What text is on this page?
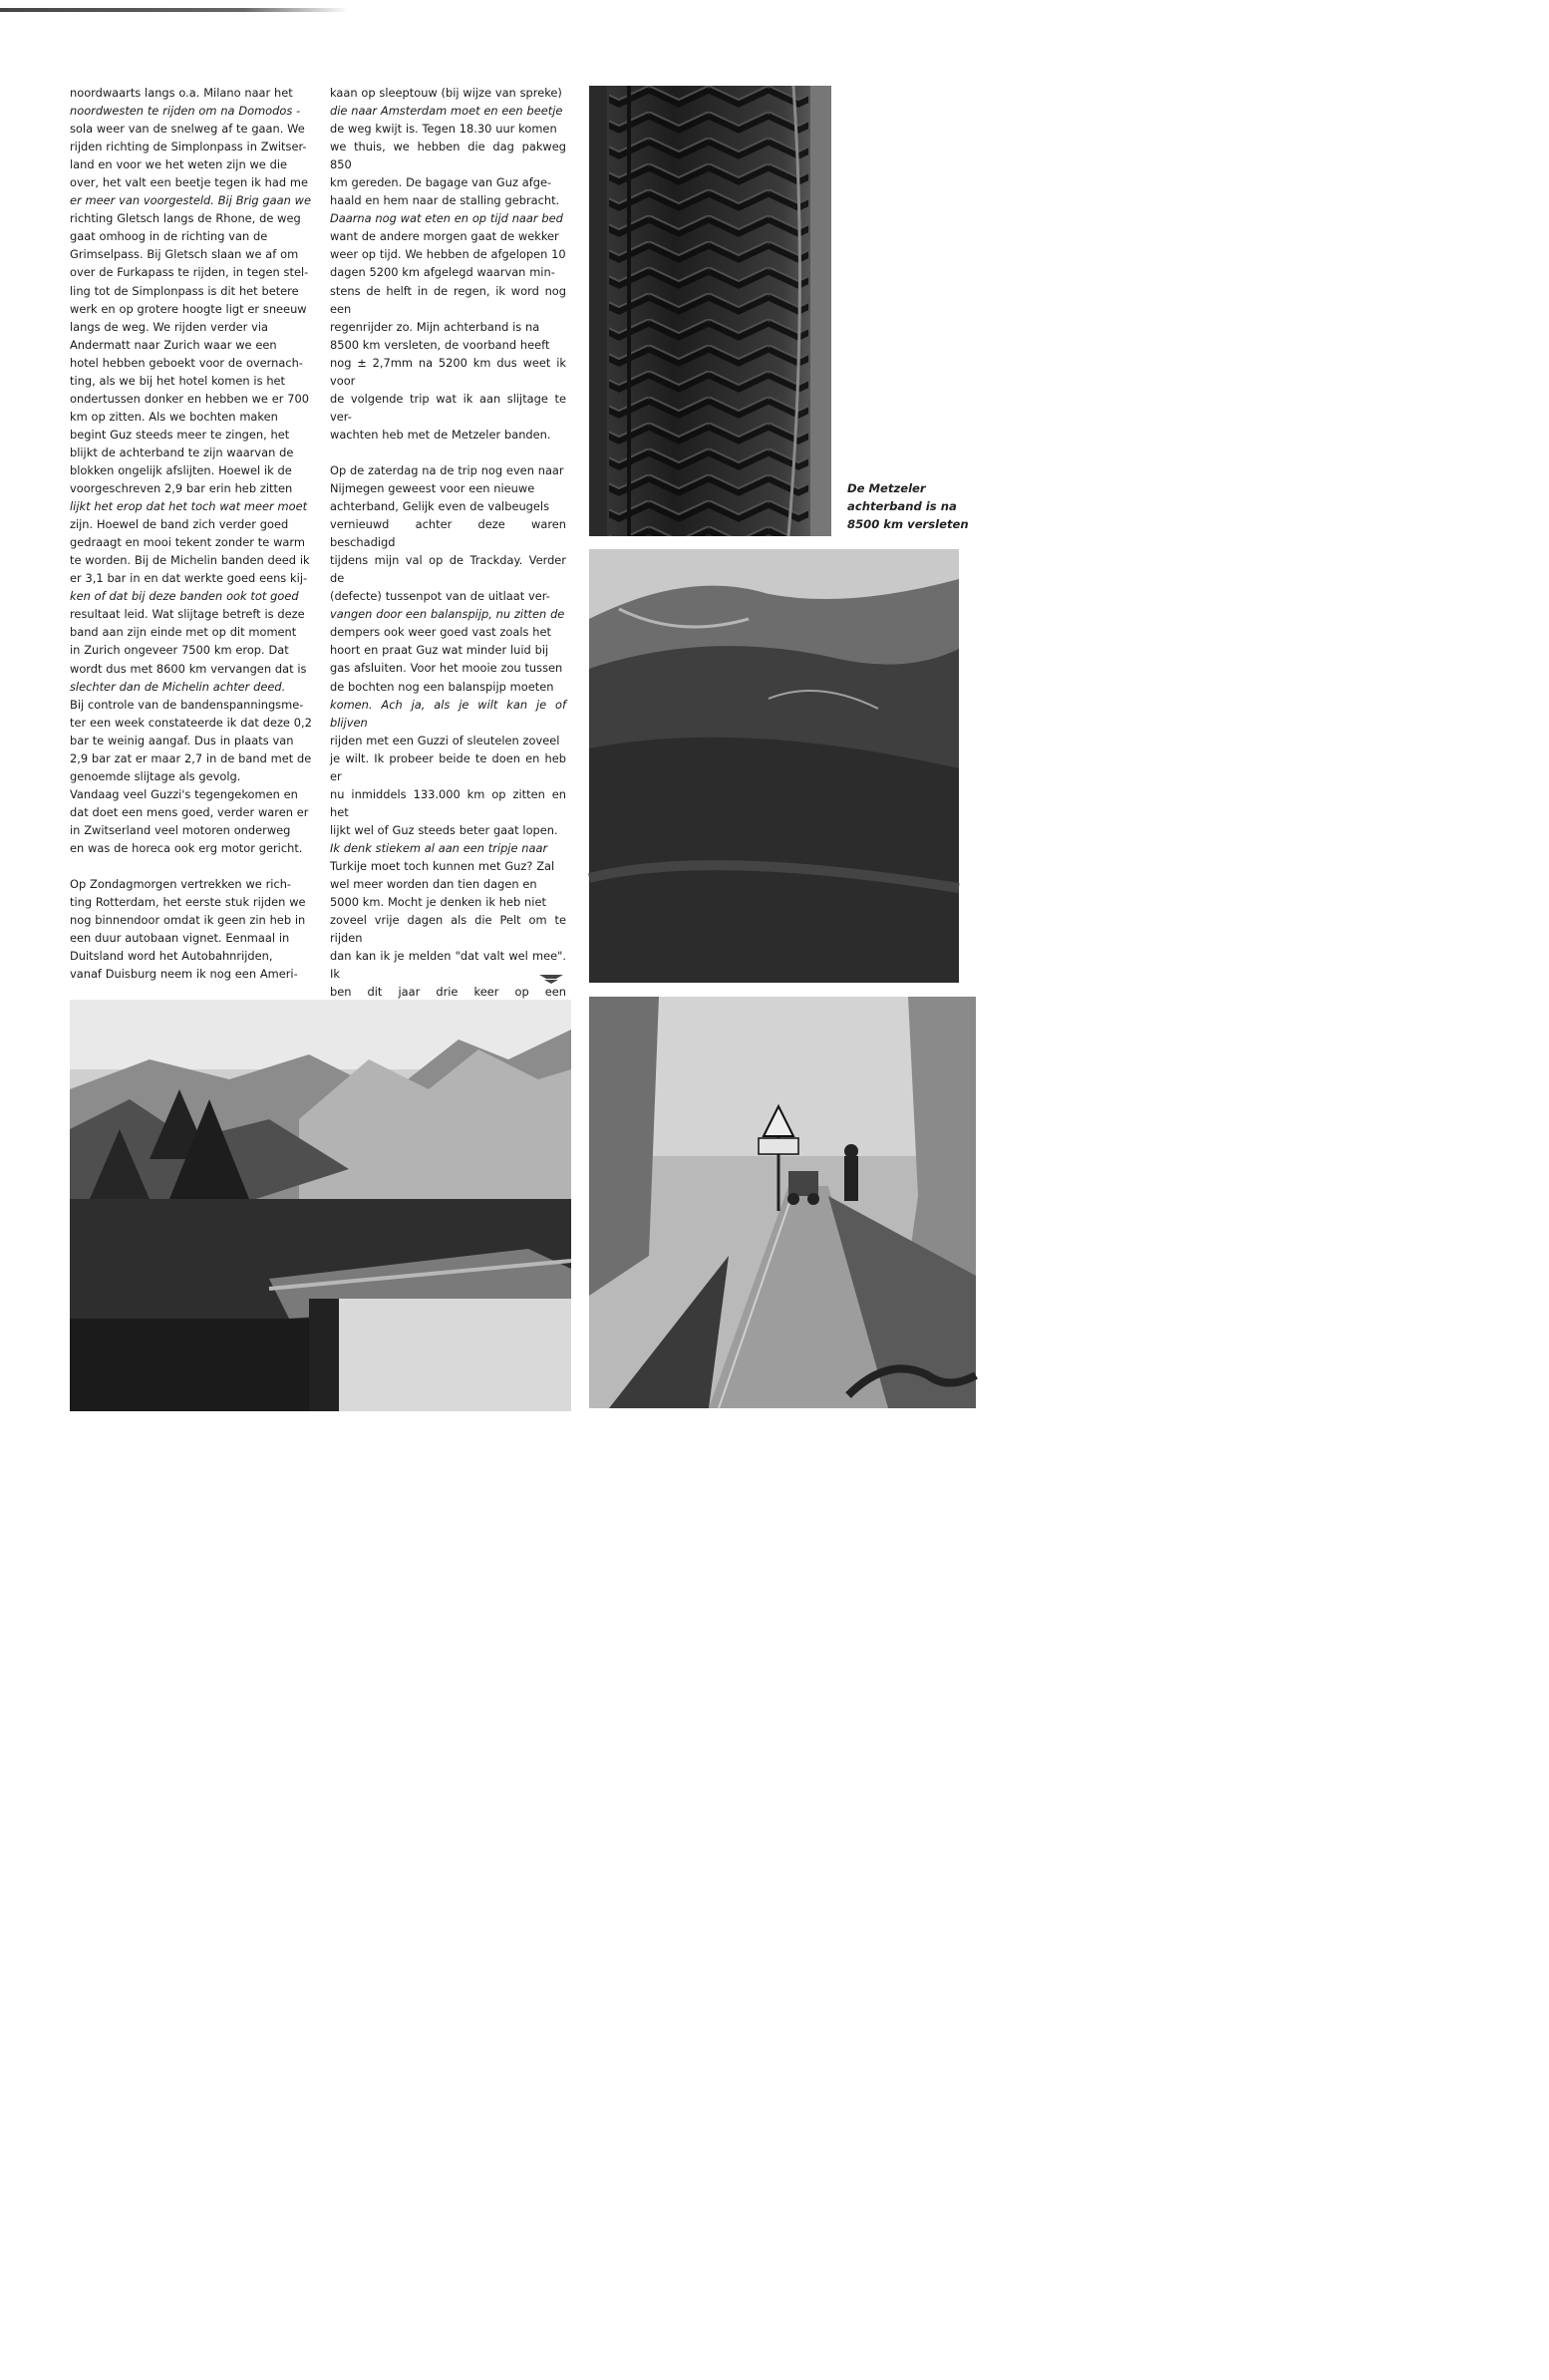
noordwaarts langs o.a. Milano naar het

noordwesten te rijden om na Domodos -

sola weer van de snelweg af te gaan. We

rijden richting de Simplonpass in Zwitser-

land en voor we het weten zijn we die

over, het valt een beetje tegen ik had me

er meer van voorgesteld. Bij Brig gaan we

richting Gletsch langs de Rhone, de weg

gaat omhoog in de richting van de

Grimselpass. Bij Gletsch slaan we af om

over de Furkapass te rijden, in tegen stel-

ling tot de Simplonpass is dit het betere

werk en op grotere hoogte ligt er sneeuw

langs de weg. We rijden verder via

Andermatt naar Zurich waar we een

hotel hebben geboekt voor de overnach-

ting, als we bij het hotel komen is het

ondertussen donker en hebben we er 700

km op zitten. Als we bochten maken

begint Guz steeds meer te zingen, het

blijkt de achterband te zijn waarvan de

blokken ongelijk afslijten. Hoewel ik de

voorgeschreven 2,9 bar erin heb zitten

lijkt het erop dat het toch wat meer moet

zijn. Hoewel de band zich verder goed

gedraagt en mooi tekent zonder te warm

te worden. Bij de Michelin banden deed ik

er 3,1 bar in en dat werkte goed eens kij-

ken of dat bij deze banden ook tot goed

resultaat leid. Wat slijtage betreft is deze

band aan zijn einde met op dit moment

in Zurich ongeveer 7500 km erop. Dat

wordt dus met 8600 km vervangen dat is

slechter dan de Michelin achter deed.

Bij controle van de bandenspanningsme-

ter een week constateerde ik dat deze 0,2

bar te weinig aangaf. Dus in plaats van

2,9 bar zat er maar 2,7 in de band met de

genoemde slijtage als gevolg.

Vandaag veel Guzzi's tegengekomen en

dat doet een mens goed, verder waren er

in Zwitserland veel motoren onderweg

en was de horeca ook erg motor gericht.

Op Zondagmorgen vertrekken we rich-

ting Rotterdam, het eerste stuk rijden we

nog binnendoor omdat ik geen zin heb in

een duur autobaan vignet. Eenmaal in

Duitsland word het Autobahnrijden,

vanaf Duisburg neem ik nog een Ameri-

kaan op sleeptouw (bij wijze van spreke)

die naar Amsterdam moet en een beetje

de weg kwijt is. Tegen 18.30 uur komen

we thuis, we hebben die dag pakweg 850

km gereden. De bagage van Guz afge-

haald en hem naar de stalling gebracht.

Daarna nog wat eten en op tijd naar bed

want de andere morgen gaat de wekker

weer op tijd. We hebben de afgelopen 10

dagen 5200 km afgelegd waarvan min-

stens de helft in de regen, ik word nog een

regenrijder zo. Mijn achterband is na

8500 km versleten, de voorband heeft

nog ± 2,7mm na 5200 km dus weet ik voor

de volgende trip wat ik aan slijtage te ver-

wachten heb met de Metzeler banden.

Op de zaterdag na de trip nog even naar

Nijmegen geweest voor een nieuwe

achterband, Gelijk even de valbeugels

vernieuwd achter deze waren beschadigd

tijdens mijn val op de Trackday. Verder de

(defecte) tussenpot van de uitlaat ver-

vangen door een balanspijp, nu zitten de

dempers ook weer goed vast zoals het

hoort en praat Guz wat minder luid bij

gas afsluiten. Voor het mooie zou tussen

de bochten nog een balanspijp moeten

komen. Ach ja, als je wilt kan je of blijven

rijden met een Guzzi of sleutelen zoveel

je wilt. Ik probeer beide te doen en heb er

nu inmiddels 133.000 km op zitten en het

lijkt wel of Guz steeds beter gaat lopen.

Ik denk stiekem al aan een tripje naar

Turkije moet toch kunnen met Guz? Zal

wel meer worden dan tien dagen en

5000 km. Mocht je denken ik heb niet

zoveel vrije dagen als die Pelt om te rijden

dan kan ik je melden "dat valt wel mee". Ik

ben dit jaar drie keer op een

De Metzeler
achterband is na
8500 km versleten
37
